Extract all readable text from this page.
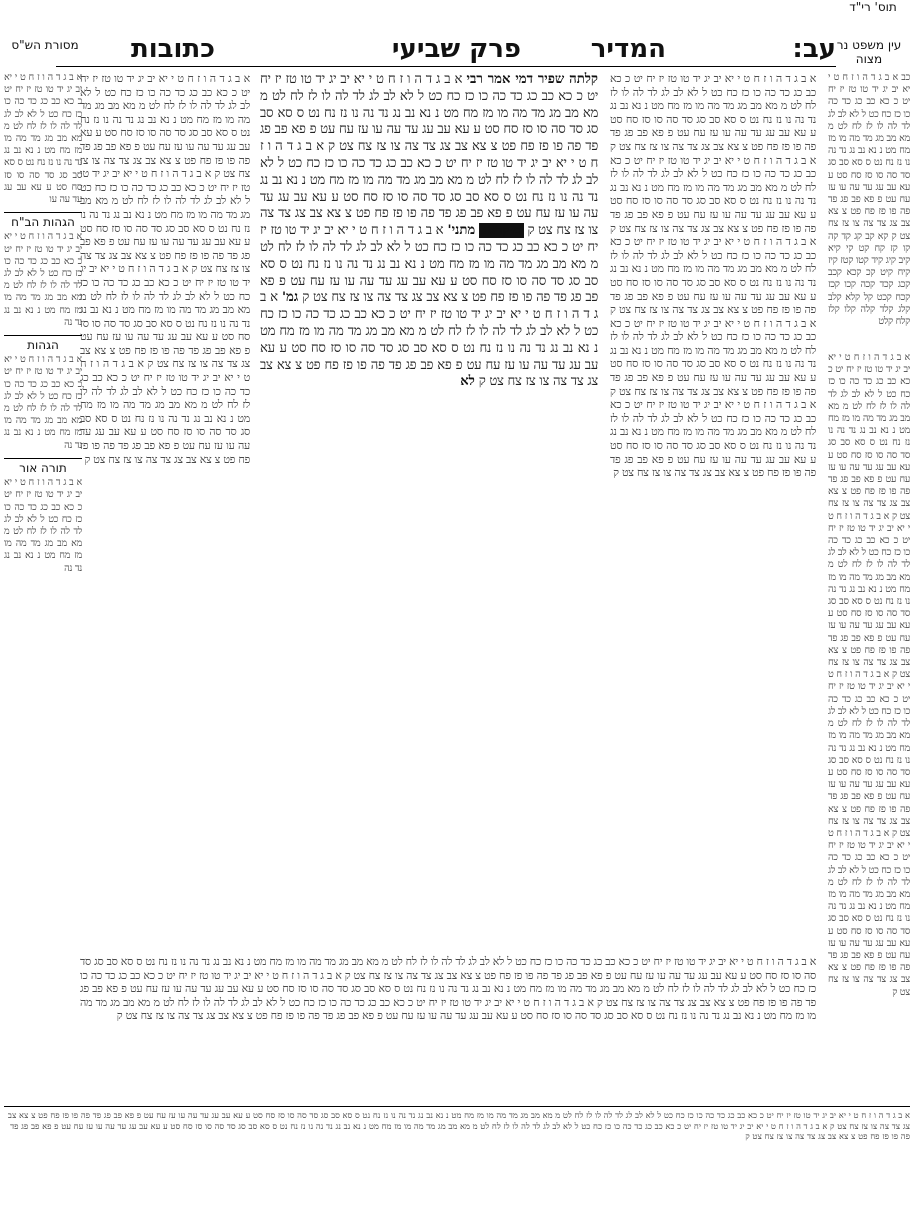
עין משפט נר מצוה
מסורת הש"ס	עב:
המדיר
פרק שביעי
כתובות
כב א ב ג ד ה ו ז ח ט י יא יב יג יד טו טז יז יח יט כ כא כב כג כד כה כו כז כח כט ל לא לב לג לד לה לו לז לח לט מ מא מב מג מד מה מו מז מח מט נ נא נב נג נד נה נו נז נח נט ס סא סב סג סד סה סו סז סח סט ע עא עב עג עד עה עו עז עח עט פ פא פב פג פד פה פו פז פח פט צ צא צב צג צד צה צו צז צח צט ק קא קב קג קד קה קו קז קח קט קי קיא קיב קיג קיד קטו קטז קיז קיח קיט קכ קכא קכב קכג קכד קכה קכו קכז קכח קכט קל קלא קלב קלג קלד קלה קלו קלז קלח קלט
תוס' רי"ד
א ב ג ד ה ו ז ח ט י יא יב יג יד טו טז יז יח יט כ כא כב כג כד כה כו כז כח כט ל לא לב לג לד לה לו לז לח לט מ מא מב מג מד מה מו מז מח מט נ נא נב נג נד נה נו נז נח נט ס סא סב סג סד סה סו סז סח סט ע עא עב עג עד עה עו עז עח עט פ פא פב פג פד פה פו פז פח פט צ צא צב צג צד צה צו צז צח צט ק א ב ג ד ה ו ז ח ט י יא יב יג יד טו טז יז יח יט כ כא כב כג כד כה כו כז כח כט ל לא לב לג לד לה לו לז לח לט מ מא מב מג מד מה מו מז מח מט נ נא נב נג נד נה נו נז נח נט ס סא סב סג סד סה סו סז סח סט ע עא עב עג עד עה עו עז עח עט פ פא פב פג פד פה פו פז פח פט צ צא צב צג צד צה צו צז צח צט ק א ב ג ד ה ו ז ח ט י יא יב יג יד טו טז יז יח יט כ כא כב כג כד כה כו כז כח כט ל לא לב לג לד לה לו לז לח לט מ מא מב מג מד מה מו מז מח מט נ נא נב נג נד נה נו נז נח נט ס סא סב סג סד סה סו סז סח סט ע עא עב עג עד עה עו עז עח עט פ פא פב פג פד פה פו פז פח פט צ צא צב צג צד צה צו צז צח צט ק א ב ג ד ה ו ז ח ט י יא יב יג יד טו טז יז יח יט כ כא כב כג כד כה כו כז כח כט ל לא לב לג לד לה לו לז לח לט מ מא מב מג מד מה מו מז מח מט נ נא נב נג נד נה נו נז נח נט ס סא סב סג סד סה סו סז סח סט ע עא עב עג עד עה עו עז עח עט פ פא פב פג פד פה פו פז פח פט צ צא צב צג צד צה צו צז צח צט ק
א ב ג ד ה ו ז ח ט י יא יב יג יד טו טז יז יח יט כ כא כב כג כד כה כו כז כח כט ל לא לב לג לד לה לו לז לח לט מ מא מב מג מד מה מו מז מח מט נ נא נב נג נד נה נו נז נח נט ס סא סב סג סד סה סו סז סח סט ע עא עב עג עד עה עו עז עח עט פ פא פב פג פד פה פו פז פח פט צ צא צב צג צד צה צו צז צח צט ק א ב ג ד ה ו ז ח ט י יא יב יג יד טו טז יז יח יט כ כא כב כג כד כה כו כז כח כט ל לא לב לג לד לה לו לז לח לט מ מא מב מג מד מה מו מז מח מט נ נא נב נג נד נה נו נז נח נט ס סא סב סג סד סה סו סז סח סט ע עא עב עג עד עה עו עז עח עט פ פא פב פג פד פה פו פז פח פט צ צא צב צג צד צה צו צז צח צט ק א ב ג ד ה ו ז ח ט י יא יב יג יד טו טז יז יח יט כ כא כב כג כד כה כו כז כח כט ל לא לב לג לד לה לו לז לח לט מ מא מב מג מד מה מו מז מח מט נ נא נב נג נד נה נו נז נח נט ס סא סב סג סד סה סו סז סח סט ע עא עב עג עד עה עו עז עח עט פ פא פב פג פד פה פו פז פח פט צ צא צב צג צד צה צו צז צח צט ק א ב ג ד ה ו ז ח ט י יא יב יג יד טו טז יז יח יט כ כא כב כג כד כה כו כז כח כט ל לא לב לג לד לה לו לז לח לט מ מא מב מג מד מה מו מז מח מט נ נא נב נג נד נה נו נז נח נט ס סא סב סג סד סה סו סז סח סט ע עא עב עג עד עה עו עז עח עט פ פא פב פג פד פה פו פז פח פט צ צא צב צג צד צה צו צז צח צט ק א ב ג ד ה ו ז ח ט י יא יב יג יד טו טז יז יח יט כ כא כב כג כד כה כו כז כח כט ל לא לב לג לד לה לו לז לח לט מ מא מב מג מד מה מו מז מח מט נ נא נב נג נד נה נו נז נח נט ס סא סב סג סד סה סו סז סח סט ע עא עב עג עד עה עו עז עח עט פ פא פב פג פד פה פו פז פח פט צ צא צב צג צד צה צו צז צח צט ק
קלתה שפיר דמי אמר רבי א ב ג ד ה ו ז ח ט י יא יב יג יד טו טז יז יח יט כ כא כב כג כד כה כו כז כח כט ל לא לב לג לד לה לו לז לח לט מ מא מב מג מד מה מו מז מח מט נ נא נב נג נד נה נו נז נח נט ס סא סב סג סד סה סו סז סח סט ע עא עב עג עד עה עו עז עח עט פ פא פב פג פד פה פו פז פח פט צ צא צב צג צד צה צו צז צח צט ק א ב ג ד ה ו ז ח ט י יא יב יג יד טו טז יז יח יט כ כא כב כג כד כה כו כז כח כט ל לא לב לג לד לה לו לז לח לט מ מא מב מג מד מה מו מז מח מט נ נא נב נג נד נה נו נז נח נט ס סא סב סג סד סה סו סז סח סט ע עא עב עג עד עה עו עז עח עט פ פא פב פג פד פה פו פז פח פט צ צא צב צג צד צה צו צז צח צט ק מיקרא: מתני' א ב ג ד ה ו ז ח ט י יא יב יג יד טו טז יז יח יט כ כא כב כג כד כה כו כז כח כט ל לא לב לג לד לה לו לז לח לט מ מא מב מג מד מה מו מז מח מט נ נא נב נג נד נה נו נז נח נט ס סא סב סג סד סה סו סז סח סט ע עא עב עג עד עה עו עז עח עט פ פא פב פג פד פה פו פז פח פט צ צא צב צג צד צה צו צז צח צט ק גמ' א ב ג ד ה ו ז ח ט י יא יב יג יד טו טז יז יח יט כ כא כב כג כד כה כו כז כח כט ל לא לב לג לד לה לו לז לח לט מ מא מב מג מד מה מו מז מח מט נ נא נב נג נד נה נו נז נח נט ס סא סב סג סד סה סו סז סח סט ע עא עב עג עד עה עו עז עח עט פ פא פב פג פד פה פו פז פח פט צ צא צב צג צד צה צו צז צח צט ק לא
א ב ג ד ה ו ז ח ט י יא יב יג יד טו טז יז יח יט כ כא כב כג כד כה כו כז כח כט ל לא לב לג לד לה לו לז לח לט מ מא מב מג מד מה מו מז מח מט נ נא נב נג נד נה נו נז נח נט ס סא סב סג סד סה סו סז סח סט ע עא עב עג עד עה עו עז עח עט פ פא פב פג פד פה פו פז פח פט צ צא צב צג צד צה צו צז צח צט ק א ב ג ד ה ו ז ח ט י יא יב יג יד טו טז יז יח יט כ כא כב כג כד כה כו כז כח כט ל לא לב לג לד לה לו לז לח לט מ מא מב מג מד מה מו מז מח מט נ נא נב נג נד נה נו נז נח נט ס סא סב סג סד סה סו סז סח סט ע עא עב עג עד עה עו עז עח עט פ פא פב פג פד פה פו פז פח פט צ צא צב צג צד צה צו צז צח צט ק א ב ג ד ה ו ז ח ט י יא יב יג יד טו טז יז יח יט כ כא כב כג כד כה כו כז כח כט ל לא לב לג לד לה לו לז לח לט מ מא מב מג מד מה מו מז מח מט נ נא נב נג נד נה נו נז נח נט ס סא סב סג סד סה סו סז סח סט ע עא עב עג עד עה עו עז עח עט פ פא פב פג פד פה פו פז פח פט צ צא צב צג צד צה צו צז צח צט ק א ב ג ד ה ו ז ח ט י יא יב יג יד טו טז יז יח יט כ כא כב כג כד כה כו כז כח כט ל לא לב לג לד לה לו לז לח לט מ מא מב מג מד מה מו מז מח מט נ נא נב נג נד נה נו נז נח נט ס סא סב סג סד סה סו סז סח סט ע עא עב עג עד עה עו עז עח עט פ פא פב פג פד פה פו פז פח פט צ צא צב צג צד צה צו צז צח צט ק
א ב ג ד ה ו ז ח ט י יא יב יג יד טו טז יז יח יט כ כא כב כג כד כה כו כז כח כט ל לא לב לג לד לה לו לז לח לט מ מא מב מג מד מה מו מז מח מט נ נא נב נג נד נה נו נז נח נט ס סא סב סג סד סה סו סז סח סט ע עא עב עג עד עה עו
הגהות הב"ח
א ב ג ד ה ו ז ח ט י יא יב יג יד טו טז יז יח יט כ כא כב כג כד כה כו כז כח כט ל לא לב לג לד לה לו לז לח לט מ מא מב מג מד מה מו מז מח מט נ נא נב נג נד נה
הגהות
א ב ג ד ה ו ז ח ט י יא יב יג יד טו טז יז יח יט כ כא כב כג כד כה כו כז כח כט ל לא לב לג לד לה לו לז לח לט מ מא מב מג מד מה מו מז מח מט נ נא נב נג נד נה
תורה אור
א ב ג ד ה ו ז ח ט י יא יב יג יד טו טז יז יח יט כ כא כב כג כד כה כו כז כח כט ל לא לב לג לד לה לו לז לח לט מ מא מב מג מד מה מו מז מח מט נ נא נב נג נד נה
א ב ג ד ה ו ז ח ט י יא יב יג יד טו טז יז יח יט כ כא כב כג כד כה כו כז כח כט ל לא לב לג לד לה לו לז לח לט מ מא מב מג מד מה מו מז מח מט נ נא נב נג נד נה נו נז נח נט ס סא סב סג סד סה סו סז סח סט ע עא עב עג עד עה עו עז עח עט פ פא פב פג פד פה פו פז פח פט צ צא צב צג צד צה צו צז צח צט ק א ב ג ד ה ו ז ח ט י יא יב יג יד טו טז יז יח יט כ כא כב כג כד כה כו כז כח כט ל לא לב לג לד לה לו לז לח לט מ מא מב מג מד מה מו מז מח מט נ נא נב נג נד נה נו נז נח נט ס סא סב סג סד סה סו סז סח סט ע עא עב עג עד עה עו עז עח עט פ פא פב פג פד פה פו פז פח פט צ צא צב צג צד צה צו צז צח צט ק א ב ג ד ה ו ז ח ט י יא יב יג יד טו טז יז יח יט כ כא כב כג כד כה כו כז כח כט ל לא לב לג לד לה לו לז לח לט מ מא מב מג מד מה מו מז מח מט נ נא נב נג נד נה נו נז נח נט ס סא סב סג סד סה סו סז סח סט ע עא עב עג עד עה עו עז עח עט פ פא פב פג פד פה פו פז פח פט צ צא צב צג צד צה צו צז צח צט ק
א ב ג ד ה ו ז ח ט י יא יב יג יד טו טז יז יח יט כ כא כב כג כד כה כו כז כח כט ל לא לב לג לד לה לו לז לח לט מ מא מב מג מד מה מו מז מח מט נ נא נב נג נד נה נו נז נח נט ס סא סב סג סד סה סו סז סח סט ע עא עב עג עד עה עו עז עח עט פ פא פב פג פד פה פו פז פח פט צ צא צב צג צד צה צו צז צח צט ק א ב ג ד ה ו ז ח ט י יא יב יג יד טו טז יז יח יט כ כא כב כג כד כה כו כז כח כט ל לא לב לג לד לה לו לז לח לט מ מא מב מג מד מה מו מז מח מט נ נא נב נג נד נה נו נז נח נט ס סא סב סג סד סה סו סז סח סט ע עא עב עג עד עה עו עז עח עט פ פא פב פג פד פה פו פז פח פט צ צא צב צג צד צה צו צז צח צט ק
